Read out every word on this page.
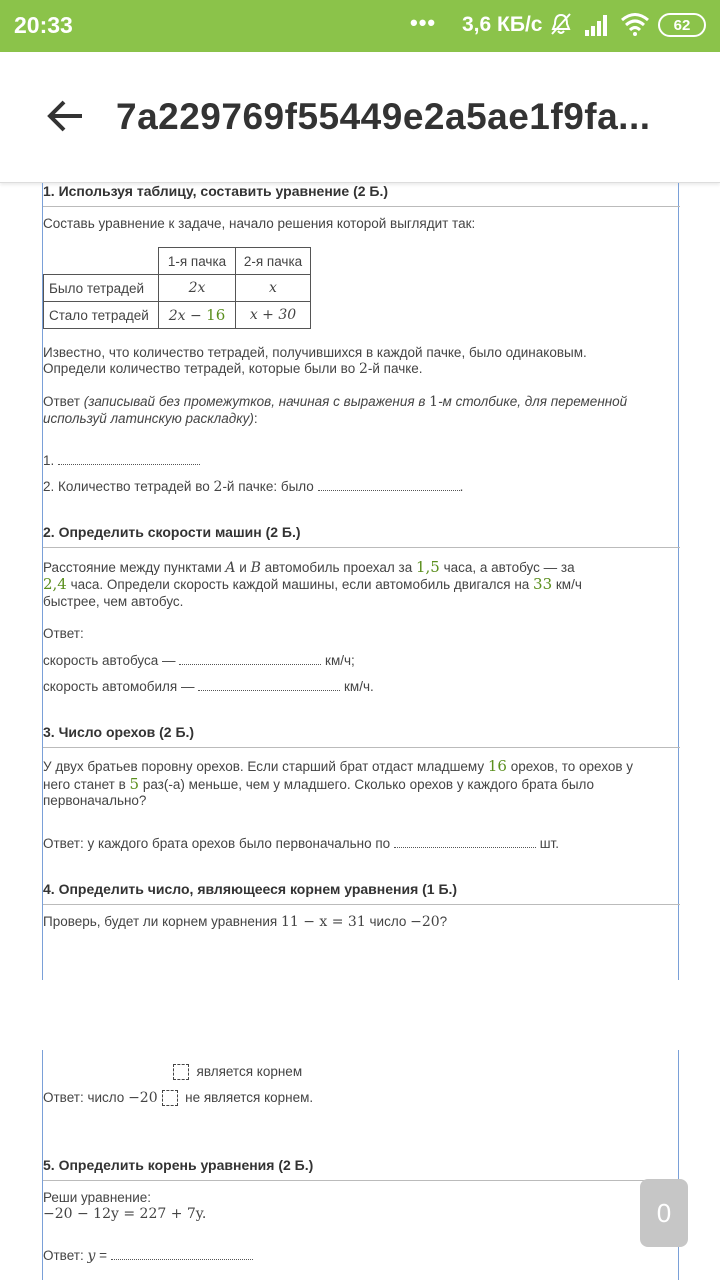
20:33	••• 3,6 КБ/с	62
7a229769f55449e2a5ae1f9fa...
1. Используя таблицу, составить уравнение (2 Б.)
Составь уравнение к задаче, начало решения которой выглядит так:
	1-я пачка	2-я пачка
Было тетрадей	2x	x
Стало тетрадей	2x − 16	x + 30
Известно, что количество тетрадей, получившихся в каждой пачке, было одинаковым.
Определи количество тетрадей, которые были во 2-й пачке.
Ответ (записывай без промежутков, начиная с выражения в 1-м столбике, для переменной
используй латинскую раскладку):
1.
2. Количество тетрадей во 2-й пачке: было	.
2. Определить скорости машин (2 Б.)
Расстояние между пунктами A и B автомобиль проехал за 1,5 часа, а автобус — за
2,4 часа. Определи скорость каждой машины, если автомобиль двигался на 33 км/ч
быстрее, чем автобус.
Ответ:
скорость автобуса —	км/ч;
скорость автомобиля —	км/ч.
3. Число орехов (2 Б.)
У двух братьев поровну орехов. Если старший брат отдаст младшему 16 орехов, то орехов у
него станет в 5 раз(-а) меньше, чем у младшего. Сколько орехов у каждого брата было
первоначально?
Ответ: у каждого брата орехов было первоначально по	шт.
4. Определить число, являющееся корнем уравнения (1 Б.)
Проверь, будет ли корнем уравнения 11 − x = 31 число −20?
является корнем
Ответ: число −20 не является корнем.
5. Определить корень уравнения (2 Б.)
Реши уравнение:
−20 − 12y = 227 + 7y.
Ответ: y =
0
